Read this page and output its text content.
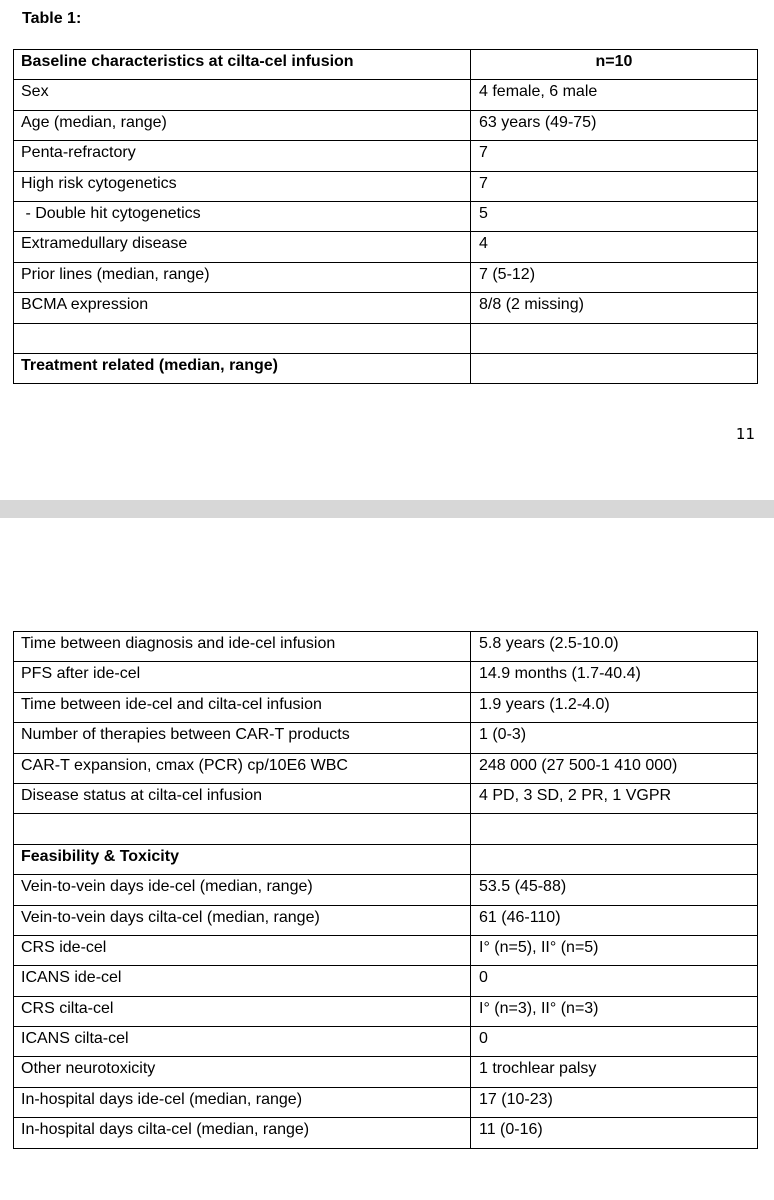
Table 1:

Baseline characteristics at cilta-cel infusion	n=10
Sex	4 female, 6 male
Age (median, range)	63 years (49-75)
Penta-refractory	7
High risk cytogenetics	7
- Double hit cytogenetics	5
Extramedullary disease	4
Prior lines (median, range)	7 (5-12)
BCMA expression	8/8 (2 missing)

Treatment related (median, range)	
11
Time between diagnosis and ide-cel infusion	5.8 years (2.5-10.0)
PFS after ide-cel	14.9 months (1.7-40.4)
Time between ide-cel and cilta-cel infusion	1.9 years (1.2-4.0)
Number of therapies between CAR-T products	1 (0-3)
CAR-T expansion, cmax (PCR) cp/10E6 WBC	248 000 (27 500-1 410 000)
Disease status at cilta-cel infusion	4 PD, 3 SD, 2 PR, 1 VGPR

Feasibility & Toxicity	
Vein-to-vein days ide-cel (median, range)	53.5 (45-88)
Vein-to-vein days cilta-cel (median, range)	61 (46-110)
CRS ide-cel	I° (n=5), II° (n=5)
ICANS ide-cel	0
CRS cilta-cel	I° (n=3), II° (n=3)
ICANS cilta-cel	0
Other neurotoxicity	1 trochlear palsy
In-hospital days ide-cel (median, range)	17 (10-23)
In-hospital days cilta-cel (median, range)	11 (0-16)
